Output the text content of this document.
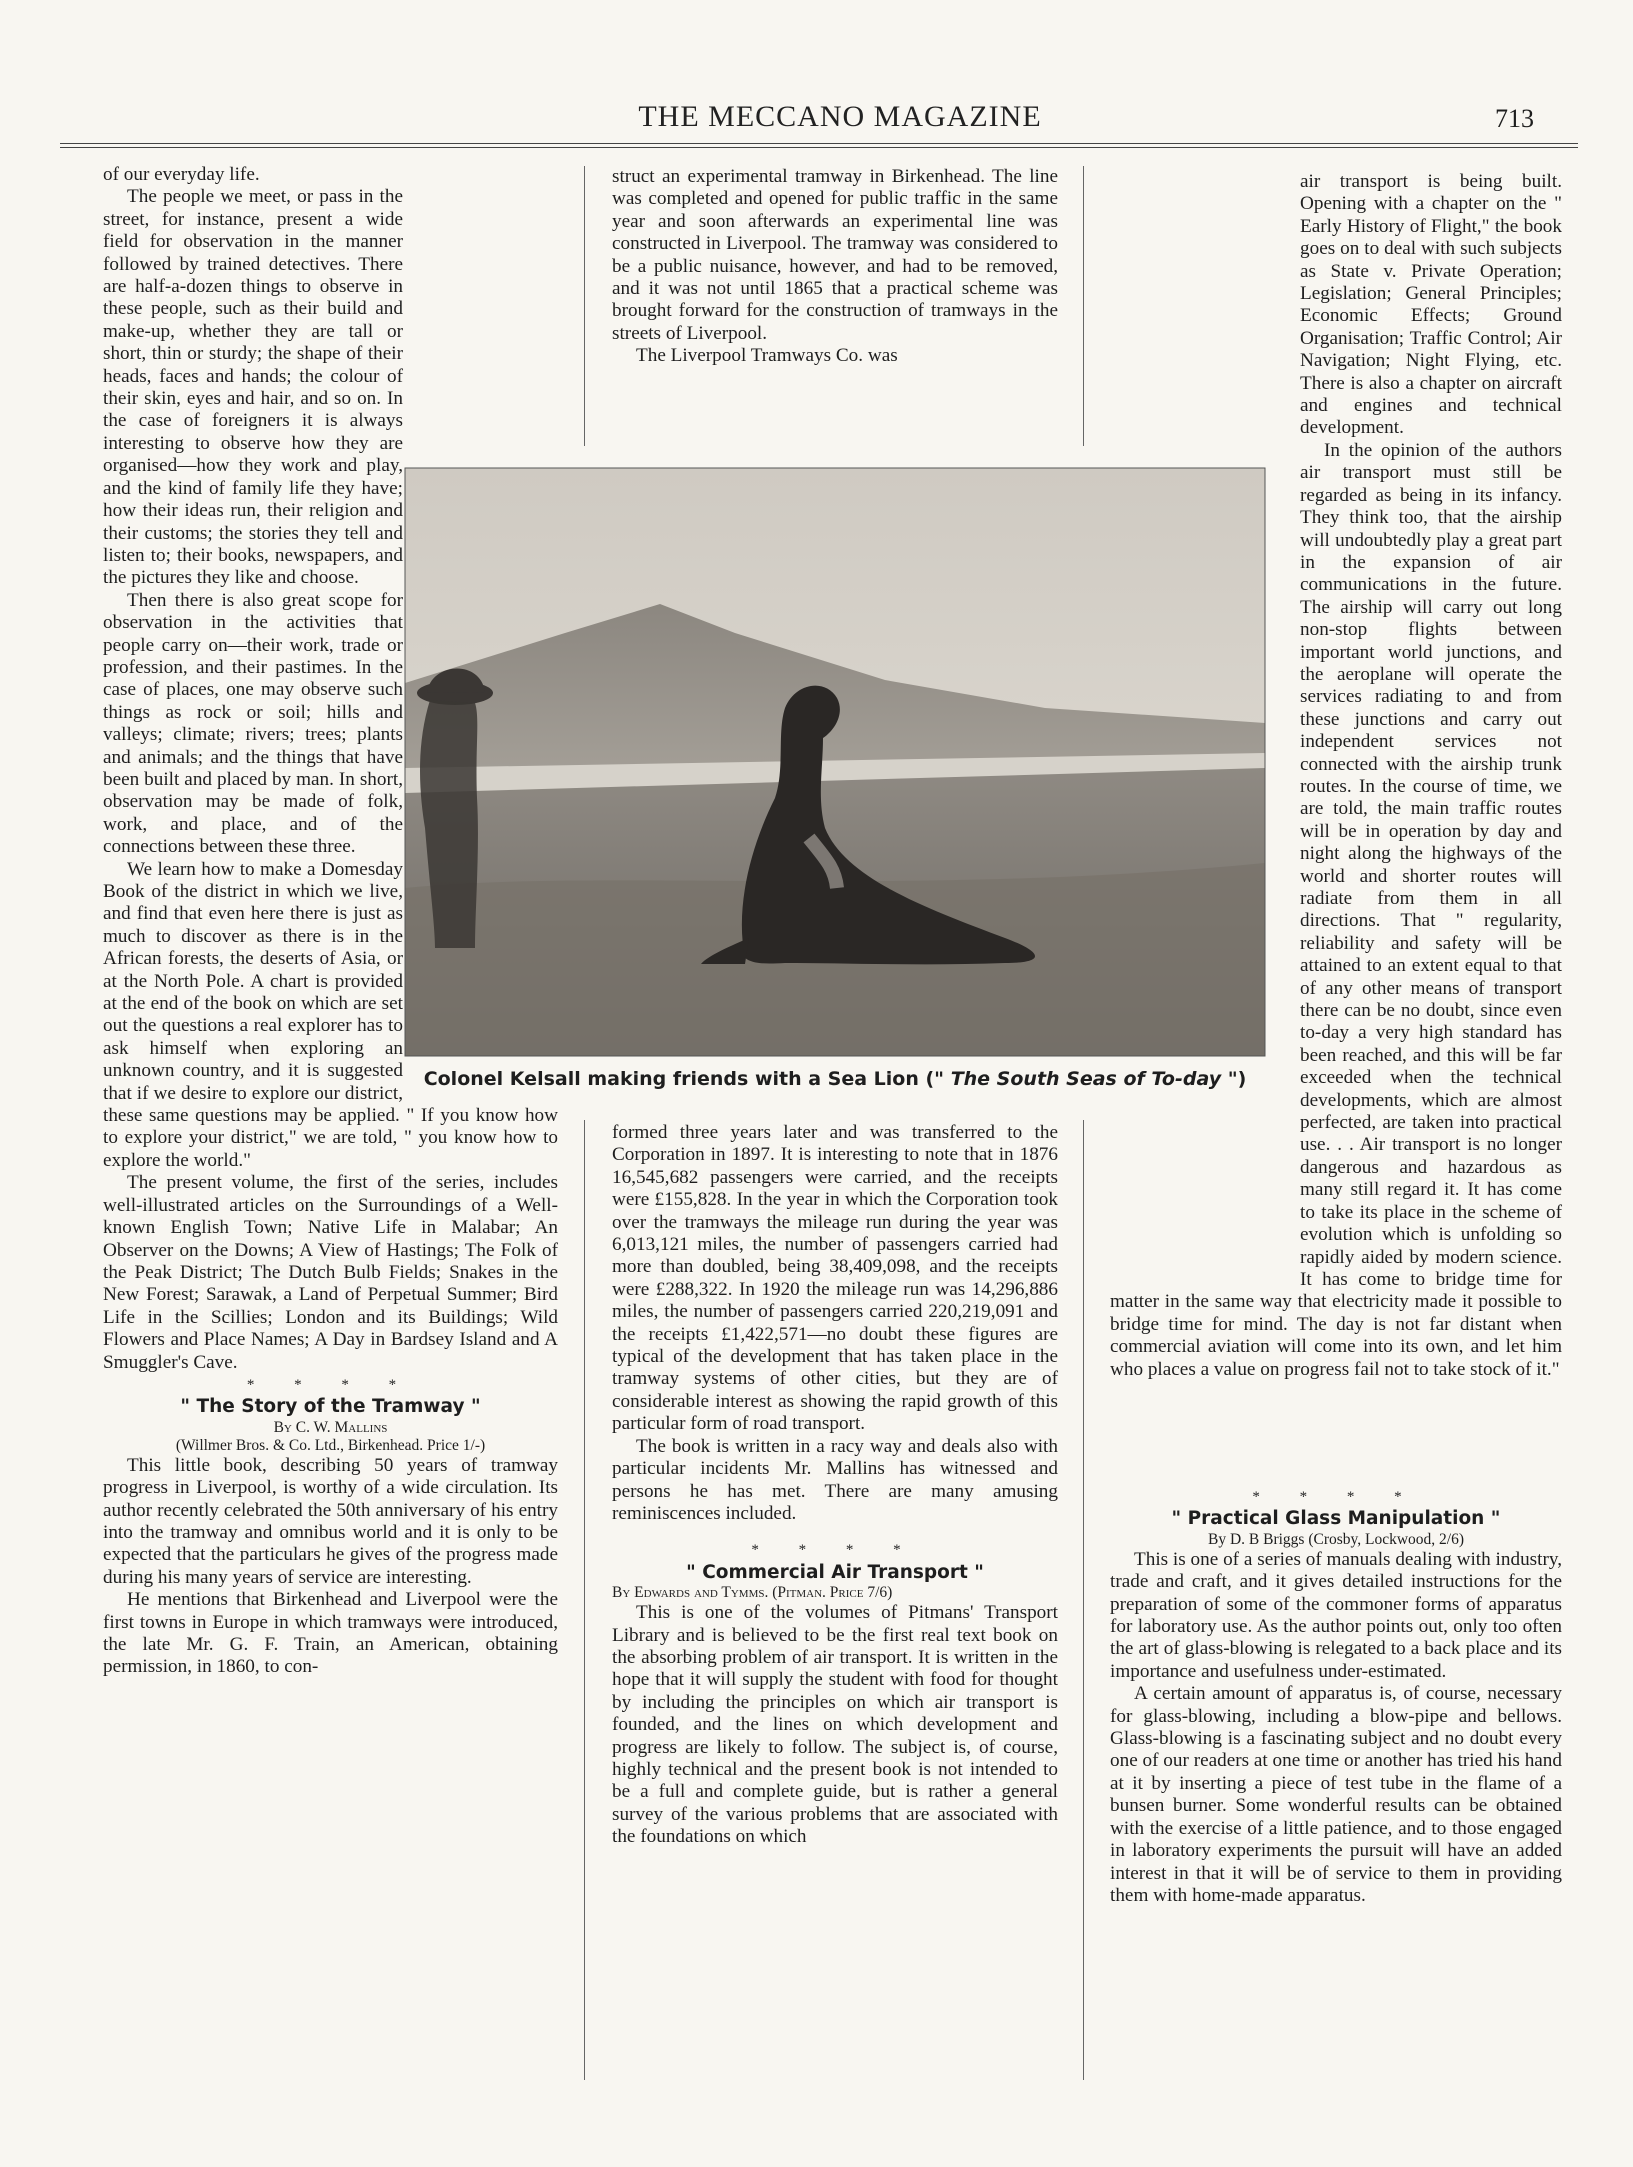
THE MECCANO MAGAZINE	713

of our everyday life.

The people we meet, or pass in the street, for instance, present a wide field for observation in the manner followed by trained detectives. There are half-a-dozen things to observe in these people, such as their build and make-up, whether they are tall or short, thin or sturdy; the shape of their heads, faces and hands; the colour of their skin, eyes and hair, and so on. In the case of foreigners it is always interesting to observe how they are organised—how they work and play, and the kind of family life they have; how their ideas run, their religion and their customs; the stories they tell and listen to; their books, newspapers, and the pictures they like and choose.

Then there is also great scope for observation in the activities that people carry on—their work, trade or profession, and their pastimes. In the case of places, one may observe such things as rock or soil; hills and valleys; climate; rivers; trees; plants and animals; and the things that have been built and placed by man. In short, observation may be made of folk, work, and place, and of the connections between these three.

We learn how to make a Domesday Book of the district in which we live, and find that even here there is just as much to discover as there is in the African forests, the deserts of Asia, or at the North Pole. A chart is provided at the end of the book on which are set out the questions a real explorer has to ask himself when exploring an unknown country, and it is suggested that if we desire to explore our district, these same questions may be applied. " If you know how to explore your district," we are told, " you know how to explore the world."

The present volume, the first of the series, includes well-illustrated articles on the Surroundings of a Well-known English Town; Native Life in Malabar; An Observer on the Downs; A View of Hastings; The Folk of the Peak District; The Dutch Bulb Fields; Snakes in the New Forest; Sarawak, a Land of Perpetual Summer; Bird Life in the Scillies; London and its Buildings; Wild Flowers and Place Names; A Day in Bardsey Island and A Smuggler's Cave.

* * * *

" The Story of the Tramway "

By C. W. Mallins

(Willmer Bros. & Co. Ltd., Birkenhead. Price 1/-)

This little book, describing 50 years of tramway progress in Liverpool, is worthy of a wide circulation. Its author recently celebrated the 50th anniversary of his entry into the tramway and omnibus world and it is only to be expected that the particulars he gives of the progress made during his many years of service are interesting.

He mentions that Birkenhead and Liverpool were the first towns in Europe in which tramways were introduced, the late Mr. G. F. Train, an American, obtaining permission, in 1860, to con-

struct an experimental tramway in Birkenhead. The line was completed and opened for public traffic in the same year and soon afterwards an experimental line was constructed in Liverpool. The tramway was considered to be a public nuisance, however, and had to be removed, and it was not until 1865 that a practical scheme was brought forward for the construction of tramways in the streets of Liverpool.

The Liverpool Tramways Co. was

formed three years later and was transferred to the Corporation in 1897. It is interesting to note that in 1876 16,545,682 passengers were carried, and the receipts were £155,828. In the year in which the Corporation took over the tramways the mileage run during the year was 6,013,121 miles, the number of passengers carried had more than doubled, being 38,409,098, and the receipts were £288,322. In 1920 the mileage run was 14,296,886 miles, the number of passengers carried 220,219,091 and the receipts £1,422,571—no doubt these figures are typical of the development that has taken place in the tramway systems of other cities, but they are of considerable interest as showing the rapid growth of this particular form of road transport.

The book is written in a racy way and deals also with particular incidents Mr. Mallins has witnessed and persons he has met. There are many amusing reminiscences included.

* * * *

" Commercial Air Transport "

By Edwards and Tymms. (Pitman. Price 7/6)

This is one of the volumes of Pitmans' Transport Library and is believed to be the first real text book on the absorbing problem of air transport. It is written in the hope that it will supply the student with food for thought by including the principles on which air transport is founded, and the lines on which development and progress are likely to follow. The subject is, of course, highly technical and the present book is not intended to be a full and complete guide, but is rather a general survey of the various problems that are associated with the foundations on which

air transport is being built. Opening with a chapter on the " Early History of Flight," the book goes on to deal with such subjects as State v. Private Operation; Legislation; General Principles; Economic Effects; Ground Organisation; Traffic Control; Air Navigation; Night Flying, etc. There is also a chapter on aircraft and engines and technical development.

In the opinion of the authors air transport must still be regarded as being in its infancy. They think too, that the airship will undoubtedly play a great part in the expansion of air communications in the future. The airship will carry out long non-stop flights between important world junctions, and the aeroplane will operate the services radiating to and from these junctions and carry out independent services not connected with the airship trunk routes. In the course of time, we are told, the main traffic routes will be in operation by day and night along the highways of the world and shorter routes will radiate from them in all directions. That " regularity, reliability and safety will be attained to an extent equal to that of any other means of transport there can be no doubt, since even to-day a very high standard has been reached, and this will be far exceeded when the technical developments, which are almost perfected, are taken into practical use. . . Air transport is no longer dangerous and hazardous as many still regard it. It has come to take its place in the scheme of evolution which is unfolding so rapidly aided by modern science. It has come to bridge time for matter in the same way that electricity made it possible to bridge time for mind. The day is not far distant when commercial aviation will come into its own, and let him who places a value on progress fail not to take stock of it."

* * * *

" Practical Glass Manipulation "

By D. B Briggs (Crosby, Lockwood, 2/6)

This is one of a series of manuals dealing with industry, trade and craft, and it gives detailed instructions for the preparation of some of the commoner forms of apparatus for laboratory use. As the author points out, only too often the art of glass-blowing is relegated to a back place and its importance and usefulness under-estimated.

A certain amount of apparatus is, of course, necessary for glass-blowing, including a blow-pipe and bellows. Glass-blowing is a fascinating subject and no doubt every one of our readers at one time or another has tried his hand at it by inserting a piece of test tube in the flame of a bunsen burner. Some wonderful results can be obtained with the exercise of a little patience, and to those engaged in laboratory experiments the pursuit will have an added interest in that it will be of service to them in providing them with home-made apparatus.

Colonel Kelsall making friends with a Sea Lion (" The South Seas of To-day ")
